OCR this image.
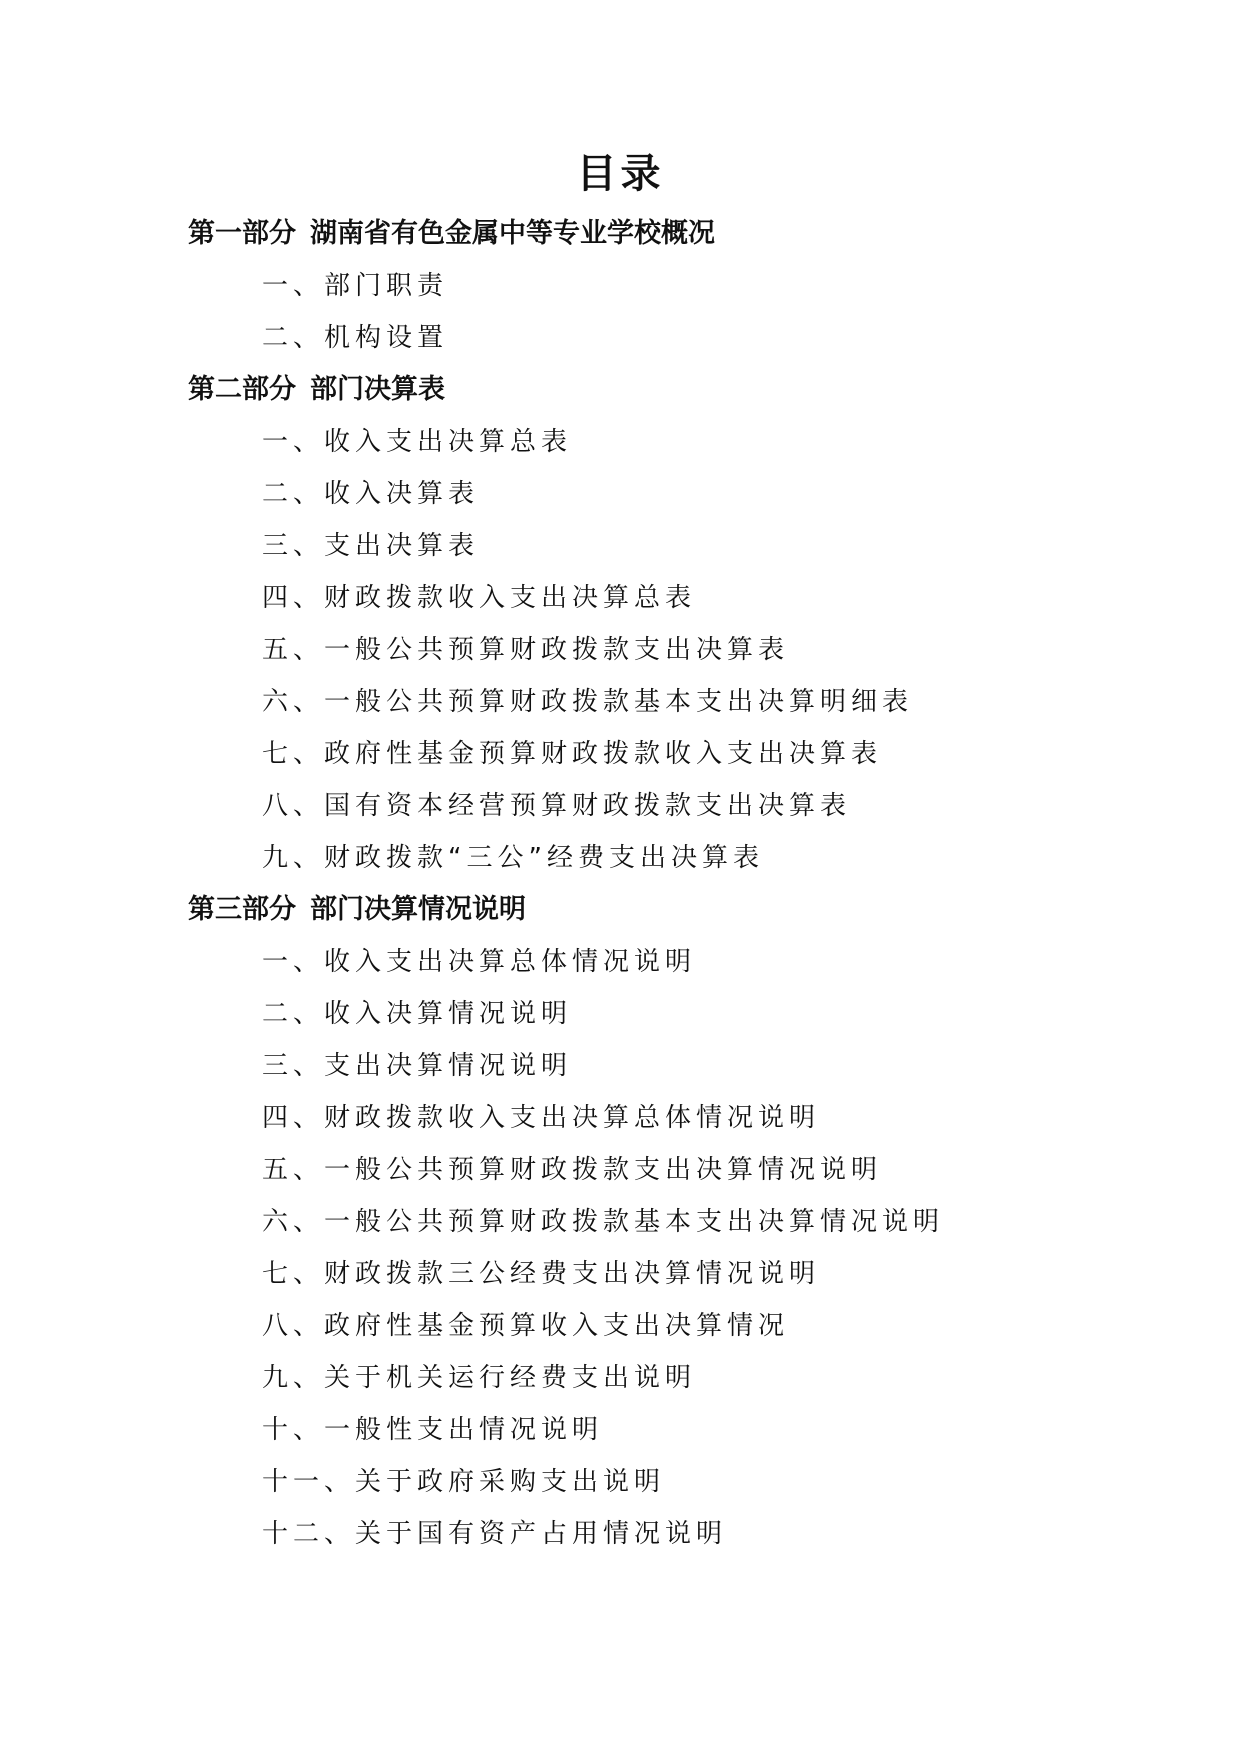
目录
第一部分 湖南省有色金属中等专业学校概况
一、部门职责
二、机构设置
第二部分 部门决算表
一、收入支出决算总表
二、收入决算表
三、支出决算表
四、财政拨款收入支出决算总表
五、一般公共预算财政拨款支出决算表
六、一般公共预算财政拨款基本支出决算明细表
七、政府性基金预算财政拨款收入支出决算表
八、国有资本经营预算财政拨款支出决算表
九、财政拨款“三公”经费支出决算表
第三部分 部门决算情况说明
一、收入支出决算总体情况说明
二、收入决算情况说明
三、支出决算情况说明
四、财政拨款收入支出决算总体情况说明
五、一般公共预算财政拨款支出决算情况说明
六、一般公共预算财政拨款基本支出决算情况说明
七、财政拨款三公经费支出决算情况说明
八、政府性基金预算收入支出决算情况
九、关于机关运行经费支出说明
十、一般性支出情况说明
十一、关于政府采购支出说明
十二、关于国有资产占用情况说明
